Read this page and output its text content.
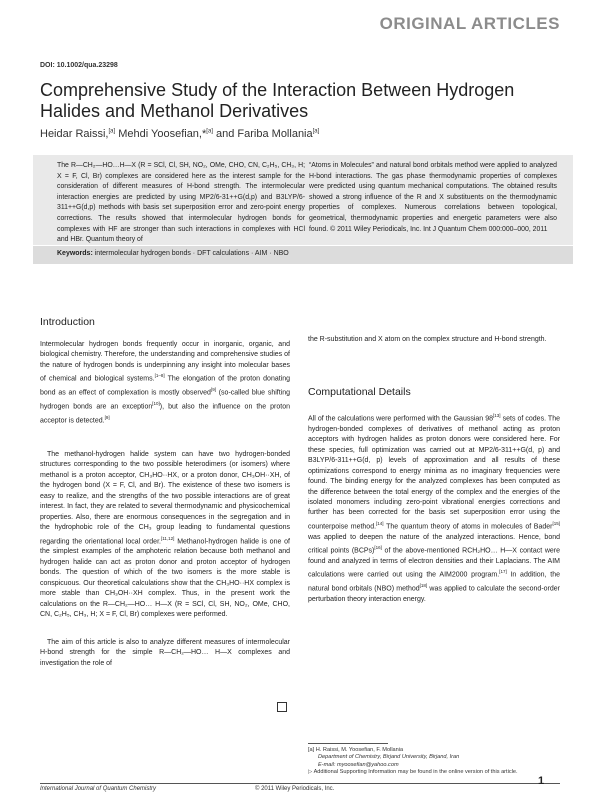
ORIGINAL ARTICLES
DOI: 10.1002/qua.23298
Comprehensive Study of the Interaction Between Hydrogen Halides and Methanol Derivatives
Heidar Raissi,[a] Mehdi Yoosefian,*[a] and Fariba Mollania[a]
The R—CH₂—HO…H—X (R = SCl, Cl, SH, NO₂, OMe, CHO, CN, C₂H₅, CH₃, H; X = F, Cl, Br) complexes are considered here as the interest sample for the consideration of different measures of H-bond strength. The intermolecular interaction energies are predicted by using MP2/6-31++G(d,p) and B3LYP/6-311++G(d,p) methods with basis set superposition error and zero-point energy corrections. The results showed that intermolecular hydrogen bonds for complexes with HF are stronger than such interactions in complexes with HCl and HBr. Quantum theory of
“Atoms in Molecules” and natural bond orbitals method were applied to analyzed H-bond interactions. The gas phase thermodynamic properties of complexes were predicted using quantum mechanical computations. The obtained results showed a strong influence of the R and X substituents on the thermodynamic properties of complexes. Numerous correlations between topological, geometrical, thermodynamic properties and energetic parameters were also found. © 2011 Wiley Periodicals, Inc. Int J Quantum Chem 000:000–000, 2011
Keywords: intermolecular hydrogen bonds · DFT calculations · AIM · NBO
Introduction

Intermolecular hydrogen bonds frequently occur in inorganic, organic, and biological chemistry. Therefore, the understanding and comprehensive studies of the nature of hydrogen bonds is underpinning any insight into molecular bases of chemical and biological systems.[1–8] The elongation of the proton donating bond as an effect of complexation is mostly observed[9] (so-called blue shifting hydrogen bonds are an exception[10]), but also the influence on the proton acceptor is detected.[9]

 The methanol-hydrogen halide system can have two hydrogen-bonded structures corresponding to the two possible heterodimers (or isomers) where methanol is a proton acceptor, CH₃HO··HX, or a proton donor, CH₃OH··XH, of the hydrogen bond (X = F, Cl, and Br). The existence of these two isomers is easy to realize, and the strengths of the two possible interactions are of great interest. In fact, they are related to several thermodynamic and physicochemical properties. Also, there are enormous consequences in the segregation and in the hydrophobic role of the CH₃ group leading to fundamental questions regarding the orientational local order.[11,12] Methanol-hydrogen halide is one of the simplest examples of the amphoteric relation because both methanol and hydrogen halide can act as proton donor and proton acceptor of hydrogen bonds. The question of which of the two isomers is the more stable is conspicuous. Our theoretical calculations show that the CH₃HO··HX complex is more stable than CH₃OH··XH complex. Thus, in the present work the calculations on the R—CH₂—HO… H—X (R = SCl, Cl, SH, NO₂, OMe, CHO, CN, C₂H₅, CH₃, H; X = F, Cl, Br) complexes were performed.

 The aim of this article is also to analyze different measures of intermolecular H-bond strength for the simple R—CH₂—HO… H—X complexes and investigation the role of

the R-substitution and X atom on the complex structure and H-bond strength.

Computational Details

All of the calculations were performed with the Gaussian 98[13] sets of codes. The hydrogen-bonded complexes of derivatives of methanol acting as proton acceptors with hydrogen halides as proton donors were considered here. For these species, full optimization was carried out at MP2/6-311++G(d, p) and B3LYP/6-311++G(d, p) levels of approximation and all results of these optimizations correspond to energy minima as no imaginary frequencies were found. The binding energy for the analyzed complexes has been computed as the difference between the total energy of the complex and the energies of the isolated monomers including zero-point vibrational energies corrections and further has been corrected for the basis set superposition error using the counterpoise method.[14] The quantum theory of atoms in molecules of Bader[15] was applied to deepen the nature of the analyzed interactions. Hence, bond critical points (BCPs)[16] of the above-mentioned RCH₂HO… H—X contact were found and analyzed in terms of electron densities and their Laplacians. The AIM calculations were carried out using the AIM2000 program.[17] In addition, the natural bond orbitals (NBO) method[18] was applied to calculate the second-order perturbation theory interaction energy.

[a] H. Raissi, M. Yoosefian, F. Mollania
Department of Chemistry, Birjand University, Birjand, Iran
E-mail: myoosefian@yahoo.com
▷ Additional Supporting Information may be found in the online version of this article.
International Journal of Quantum Chemistry	© 2011 Wiley Periodicals, Inc.
1
